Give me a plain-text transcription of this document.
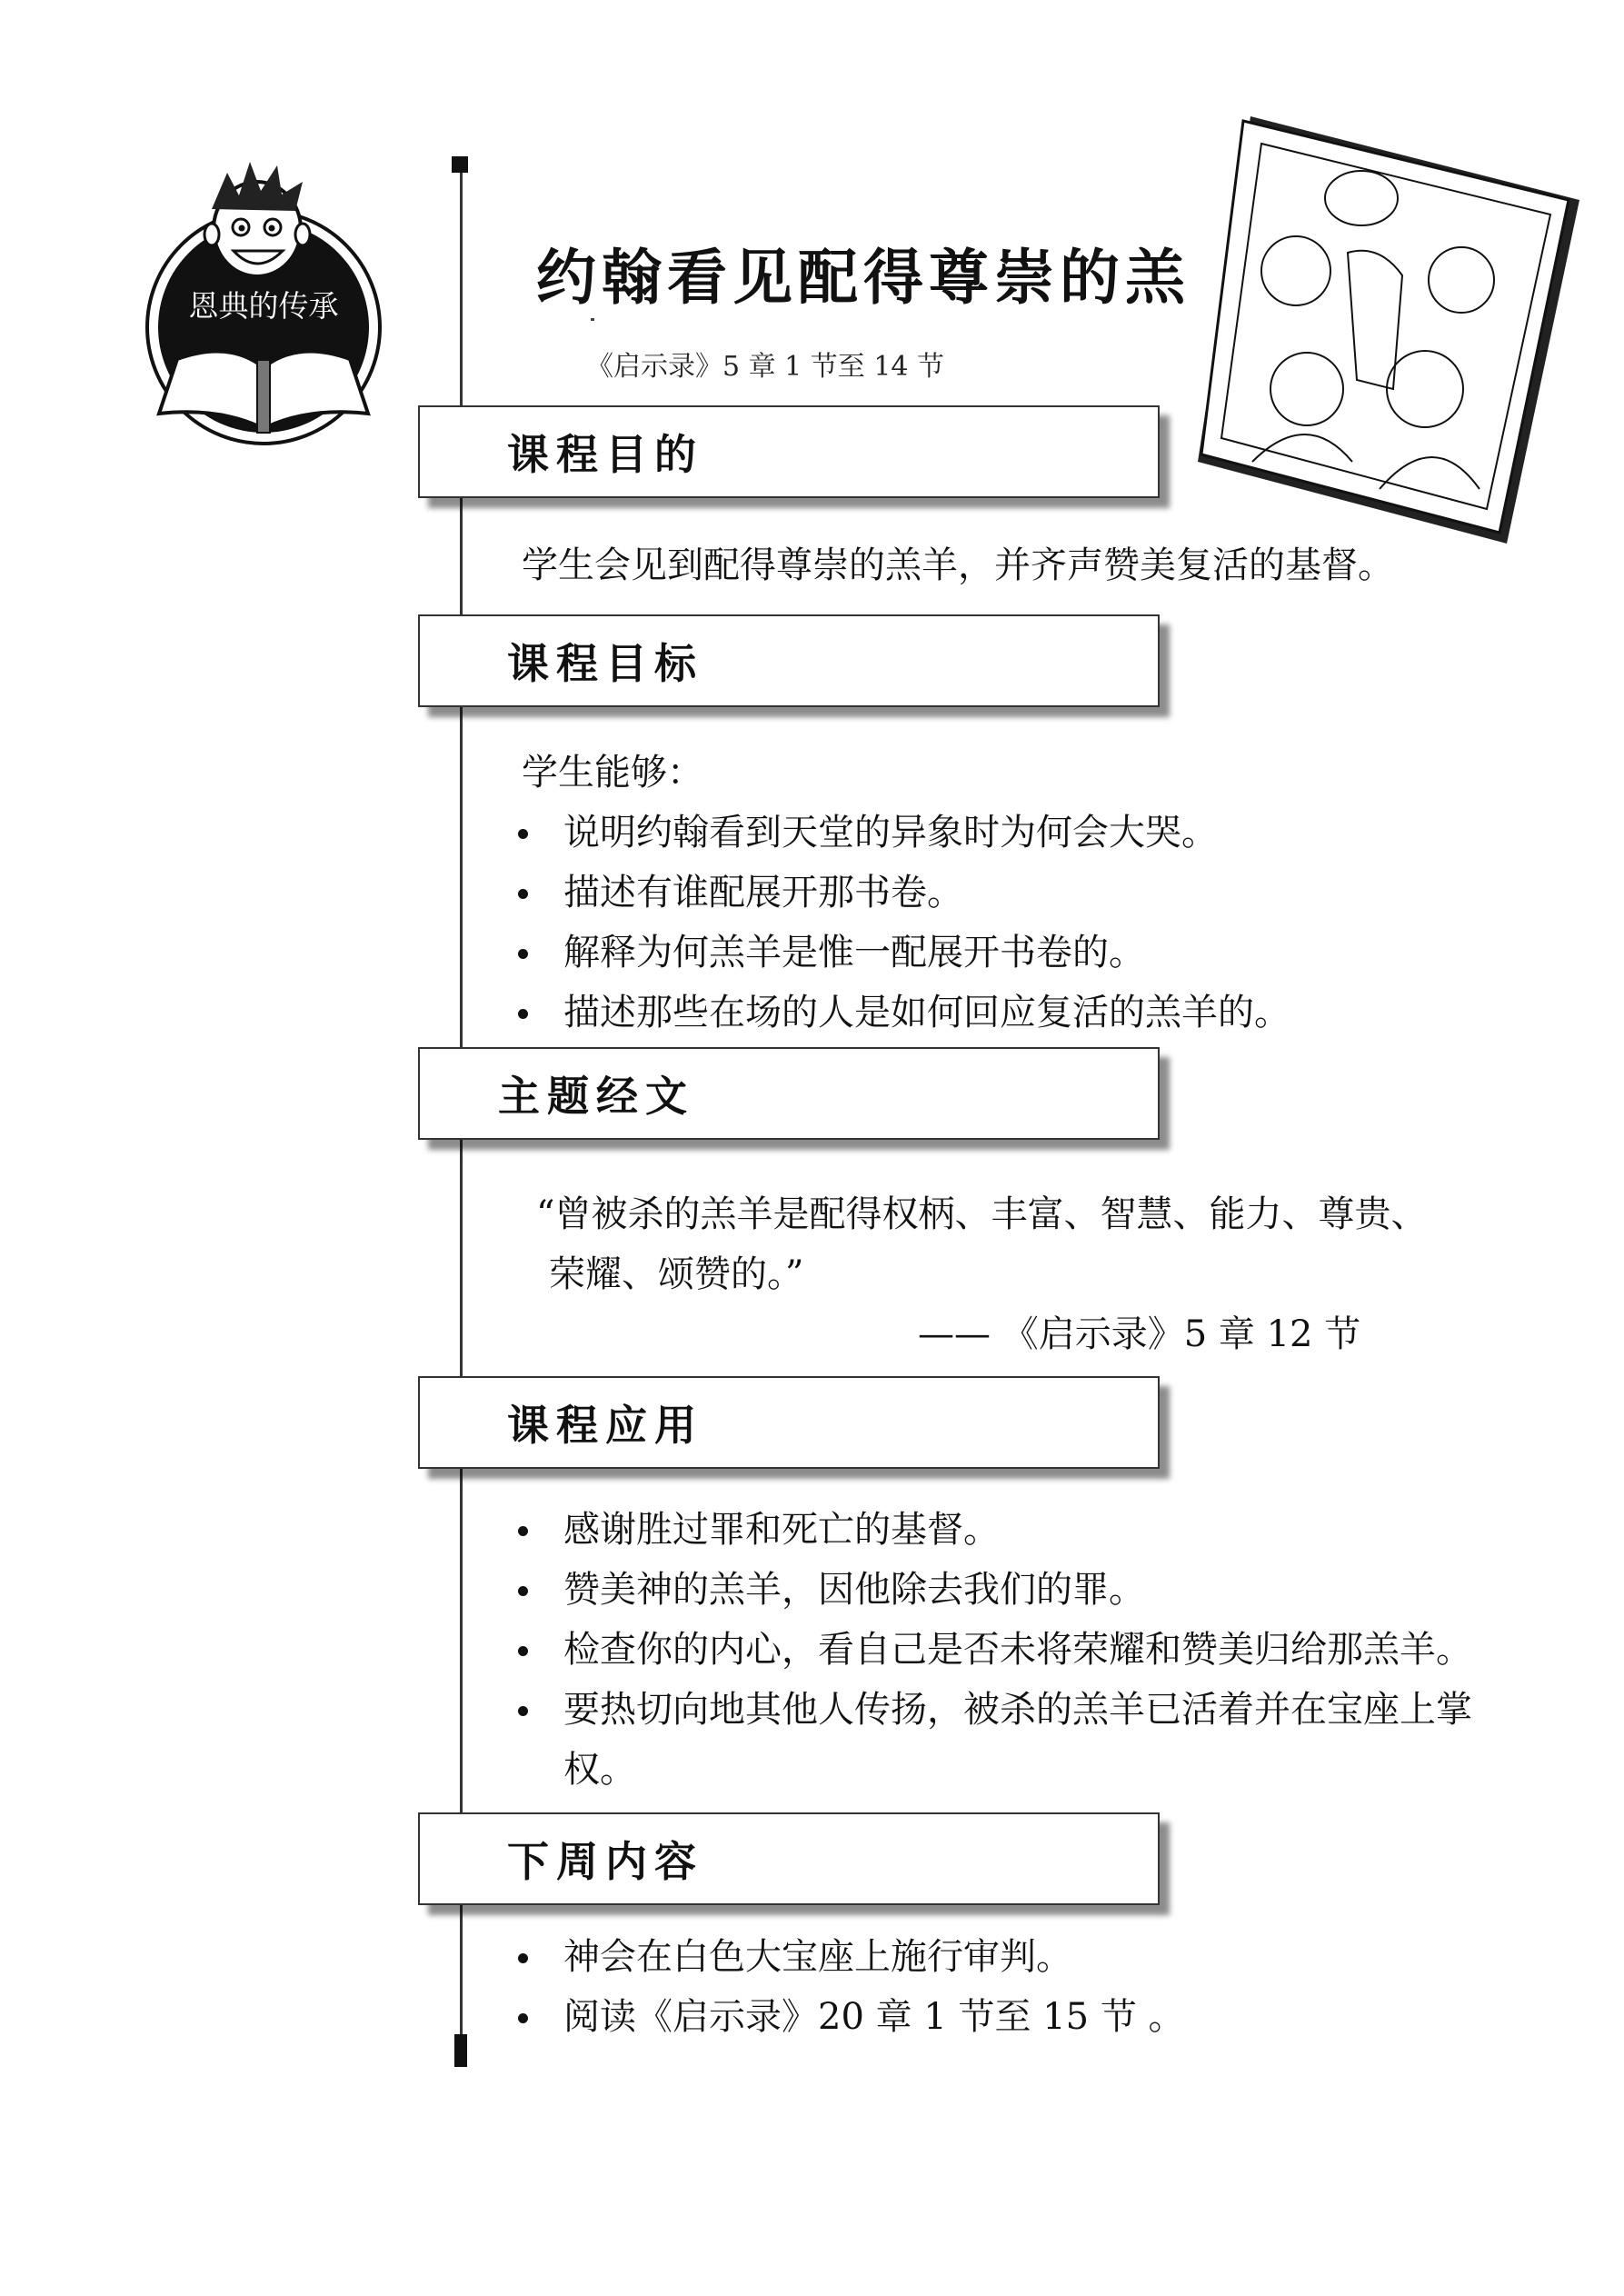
恩典的传承	约翰看见配得尊崇的羔
《启示录》5 章 1 节至 14 节
课程目的
学生会见到配得尊崇的羔羊，并齐声赞美复活的基督。
课程目标
学生能够：
说明约翰看到天堂的异象时为何会大哭。
描述有谁配展开那书卷。
解释为何羔羊是惟一配展开书卷的。
描述那些在场的人是如何回应复活的羔羊的。
主题经文
“曾被杀的羔羊是配得权柄、丰富、智慧、能力、尊贵、
荣耀、颂赞的。”
—— 《启示录》5 章 12 节
课程应用
感谢胜过罪和死亡的基督。
赞美神的羔羊，因他除去我们的罪。
检查你的内心，看自己是否未将荣耀和赞美归给那羔羊。
要热切向地其他人传扬，被杀的羔羊已活着并在宝座上掌
权。
下周内容
神会在白色大宝座上施行审判。
阅读《启示录》20 章 1 节至 15 节 。
